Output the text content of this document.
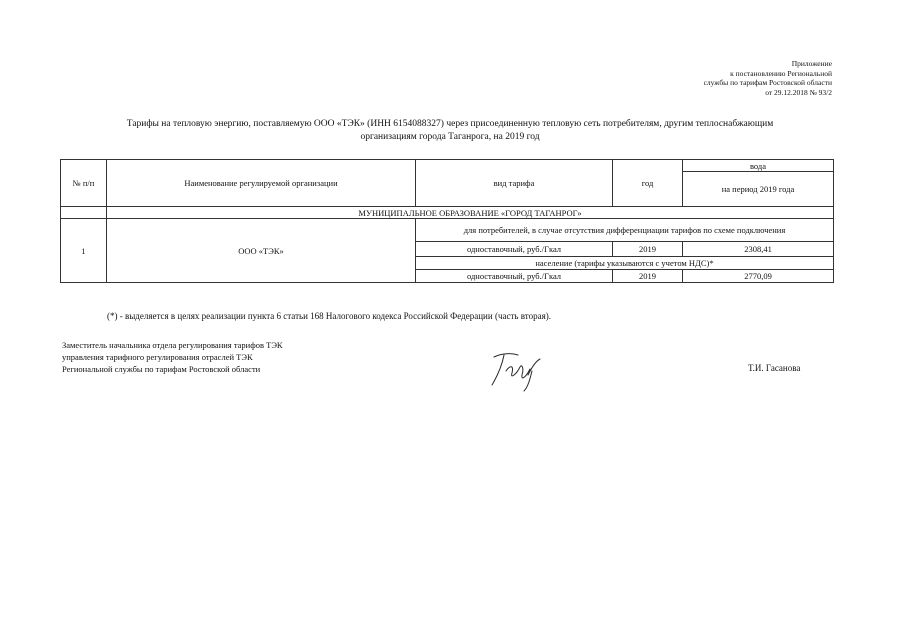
Приложение
к постановлению Региональной
службы по тарифам Ростовской области
от 29.12.2018 № 93/2
Тарифы на тепловую энергию, поставляемую ООО «ТЭК» (ИНН 6154088327) через присоединенную тепловую сеть потребителям, другим теплоснабжающим
организациям города Таганрога, на 2019 год
№ п/п	Наименование регулируемой организации	вид тарифа	год	вода
				на период 2019 года
	МУНИЦИПАЛЬНОЕ ОБРАЗОВАНИЕ «ГОРОД ТАГАНРОГ»			
1	ООО «ТЭК»	для потребителей, в случае отсутствия дифференциации тарифов по схеме подключения		
		одноставочный, руб./Гкал	2019	2308,41
		население (тарифы указываются с учетом НДС)*		
		одноставочный, руб./Гкал	2019	2770,09
(*) - выделяется в целях реализации пункта 6 статьи 168 Налогового кодекса Российской Федерации (часть вторая).
Заместитель начальника отдела регулирования тарифов ТЭК
управления тарифного регулирования отраслей ТЭК
Региональной службы по тарифам Ростовской области	Т.И. Гасанова
